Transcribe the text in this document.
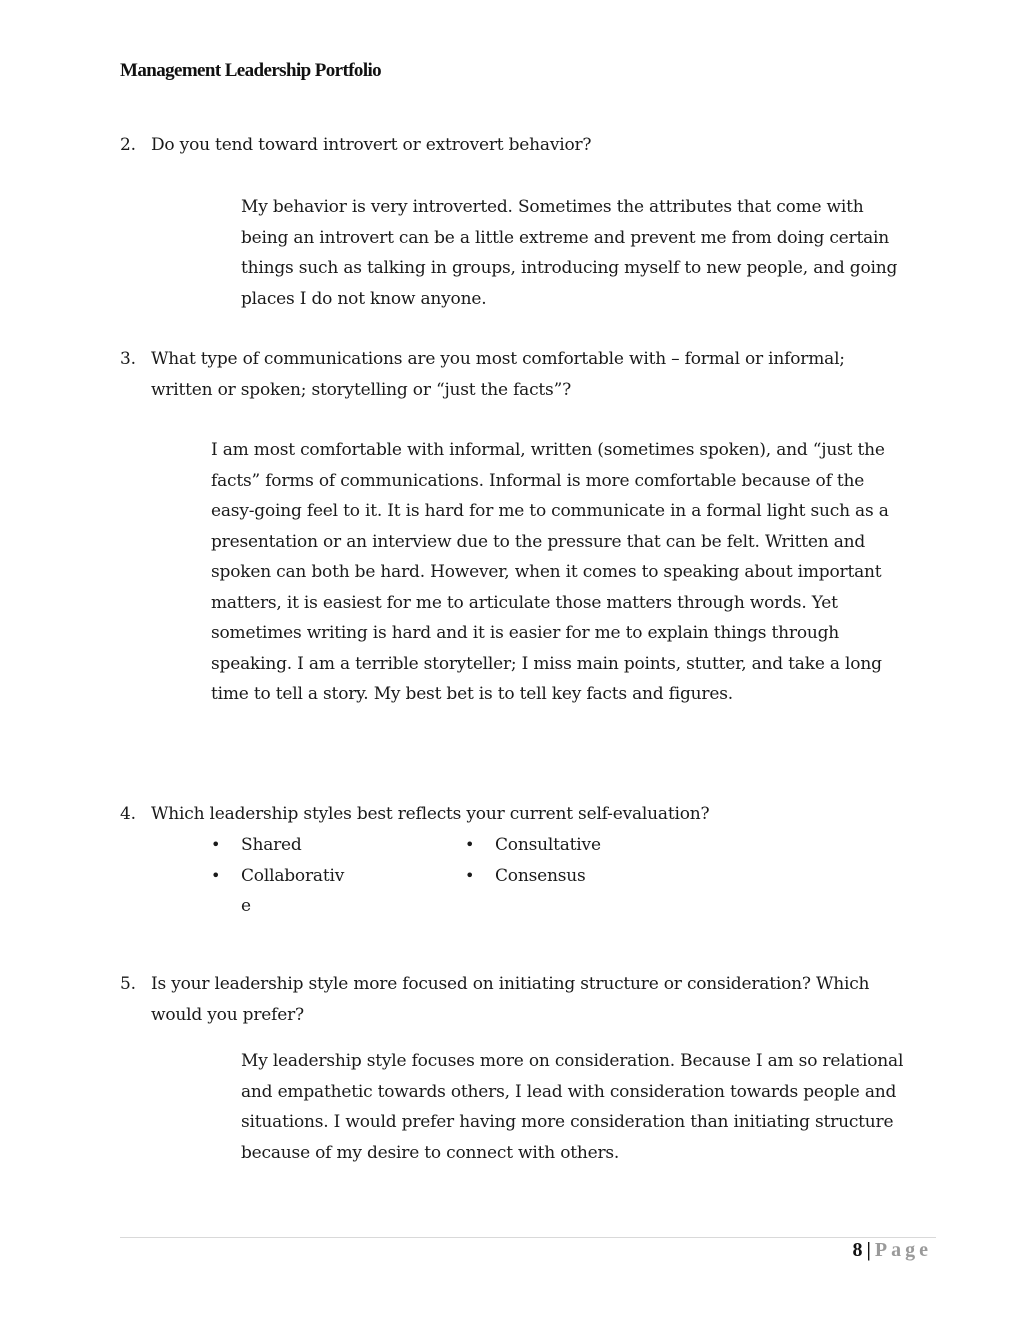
Management Leadership Portfolio
2. Do you tend toward introvert or extrovert behavior?

My behavior is very introverted. Sometimes the attributes that come with

being an introvert can be a little extreme and prevent me from doing certain

things such as talking in groups, introducing myself to new people, and going

places I do not know anyone.

3. What type of communications are you most comfortable with – formal or informal; written or spoken; storytelling or “just the facts”?

I am most comfortable with informal, written (sometimes spoken), and “just the

facts” forms of communications. Informal is more comfortable because of the

easy-going feel to it. It is hard for me to communicate in a formal light such as a

presentation or an interview due to the pressure that can be felt. Written and

spoken can both be hard. However, when it comes to speaking about important

matters, it is easiest for me to articulate those matters through words. Yet

sometimes writing is hard and it is easier for me to explain things through

speaking. I am a terrible storyteller; I miss main points, stutter, and take a long

time to tell a story. My best bet is to tell key facts and figures.

4. Which leadership styles best reflects your current self-evaluation?
• Shared
• Collaborative
• Consultative
• Consensus
5. Is your leadership style more focused on initiating structure or consideration? Which would you prefer?

My leadership style focuses more on consideration. Because I am so relational

and empathetic towards others, I lead with consideration towards people and

situations. I would prefer having more consideration than initiating structure

because of my desire to connect with others.

8 | Page
